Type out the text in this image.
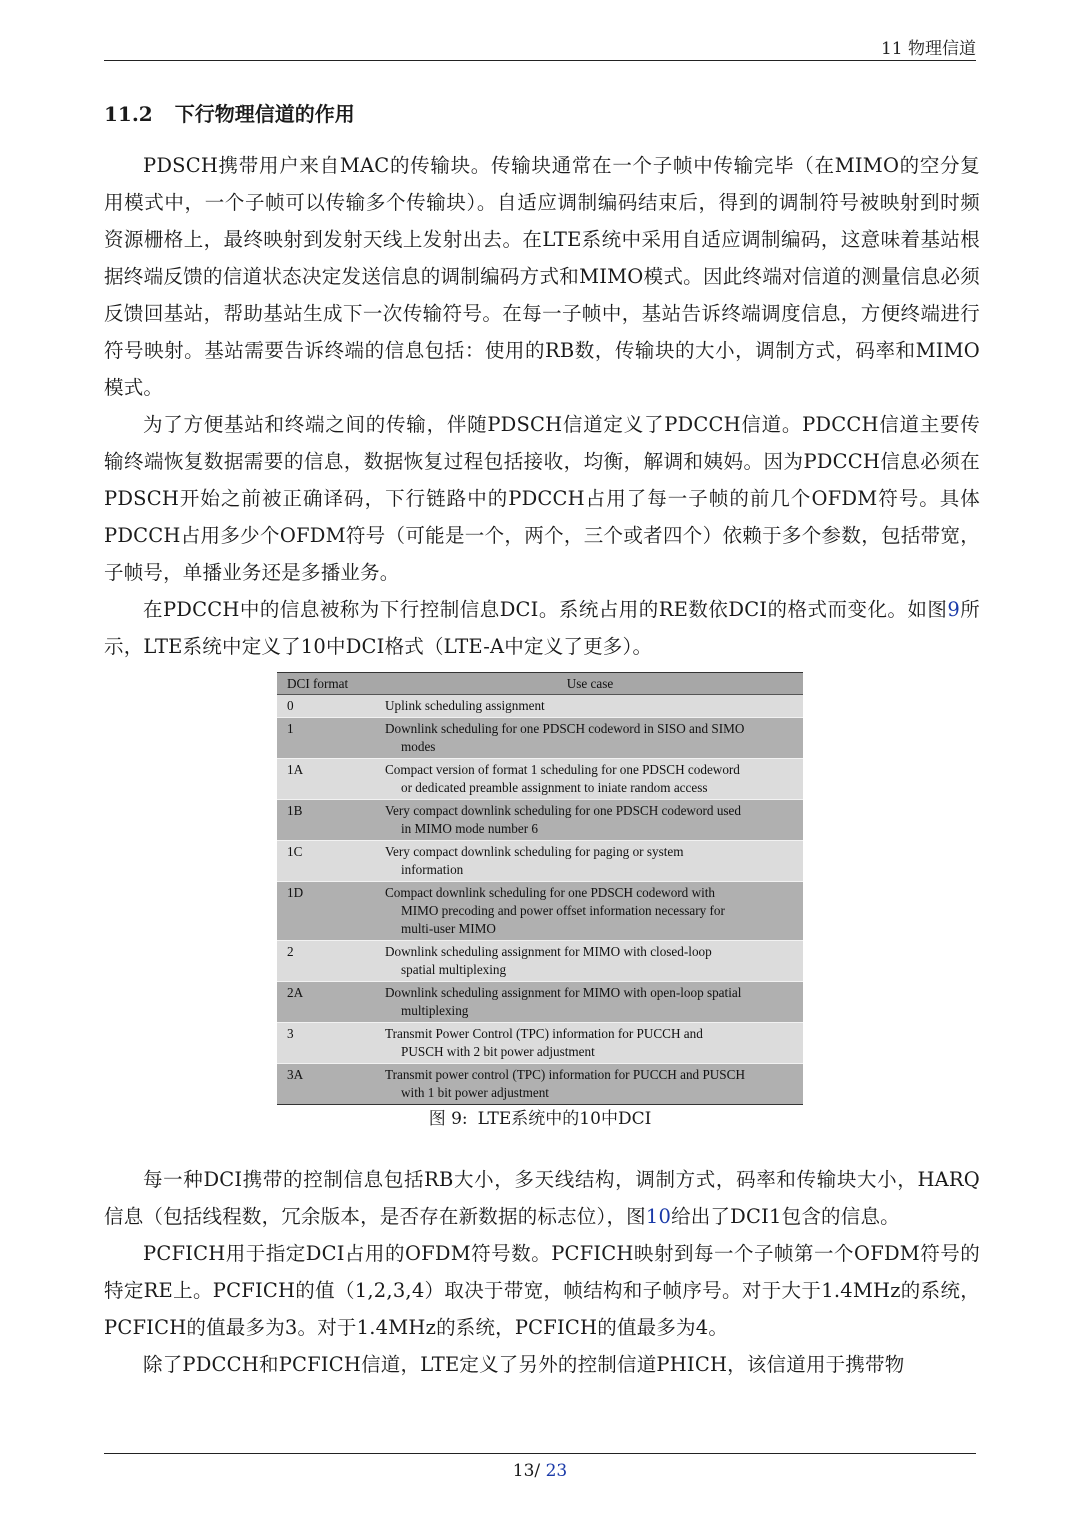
11 物理信道
11.2 下行物理信道的作用

PDSCH携带用户来自MAC的传输块。传输块通常在一个子帧中传输完毕（在MIMO的空分复用模式中，一个子帧可以传输多个传输块）。自适应调制编码结束后，得到的调制符号被映射到时频资源栅格上，最终映射到发射天线上发射出去。在LTE系统中采用自适应调制编码，这意味着基站根据终端反馈的信道状态决定发送信息的调制编码方式和MIMO模式。因此终端对信道的测量信息必须反馈回基站，帮助基站生成下一次传输符号。在每一子帧中，基站告诉终端调度信息，方便终端进行符号映射。基站需要告诉终端的信息包括：使用的RB数，传输块的大小，调制方式，码率和MIMO模式。

为了方便基站和终端之间的传输，伴随PDSCH信道定义了PDCCH信道。PDCCH信道主要传输终端恢复数据需要的信息，数据恢复过程包括接收，均衡，解调和姨妈。因为PDCCH信息必须在PDSCH开始之前被正确译码，下行链路中的PDCCH占用了每一子帧的前几个OFDM符号。具体PDCCH占用多少个OFDM符号（可能是一个，两个，三个或者四个）依赖于多个参数，包括带宽，子帧号，单播业务还是多播业务。

在PDCCH中的信息被称为下行控制信息DCI。系统占用的RE数依DCI的格式而变化。如图9所示，LTE系统中定义了10中DCI格式（LTE-A中定义了更多）。

DCI format	Use case
0	Uplink scheduling assignment
1	Downlink scheduling for one PDSCH codeword in SISO and SIMO
modes

1A	Compact version of format 1 scheduling for one PDSCH codeword
or dedicated preamble assignment to iniate random access

1B	Very compact downlink scheduling for one PDSCH codeword used
in MIMO mode number 6

1C	Very compact downlink scheduling for paging or system
information

1D	Compact downlink scheduling for one PDSCH codeword with
MIMO precoding and power offset information necessary for
multi-user MIMO

2	Downlink scheduling assignment for MIMO with closed-loop
spatial multiplexing

2A	Downlink scheduling assignment for MIMO with open-loop spatial
multiplexing

3	Transmit Power Control (TPC) information for PUCCH and
PUSCH with 2 bit power adjustment

3A	Transmit power control (TPC) information for PUCCH and PUSCH
with 1 bit power adjustment
图 9: LTE系统中的10中DCI

每一种DCI携带的控制信息包括RB大小，多天线结构，调制方式，码率和传输块大小，HARQ信息（包括线程数，冗余版本，是否存在新数据的标志位），图10给出了DCI1包含的信息。

PCFICH用于指定DCI占用的OFDM符号数。PCFICH映射到每一个子帧第一个OFDM符号的特定RE上。PCFICH的值（1,2,3,4）取决于带宽，帧结构和子帧序号。对于大于1.4MHz的系统，PCFICH的值最多为3。对于1.4MHz的系统，PCFICH的值最多为4。

除了PDCCH和PCFICH信道，LTE定义了另外的控制信道PHICH，该信道用于携带物

13/ 23
